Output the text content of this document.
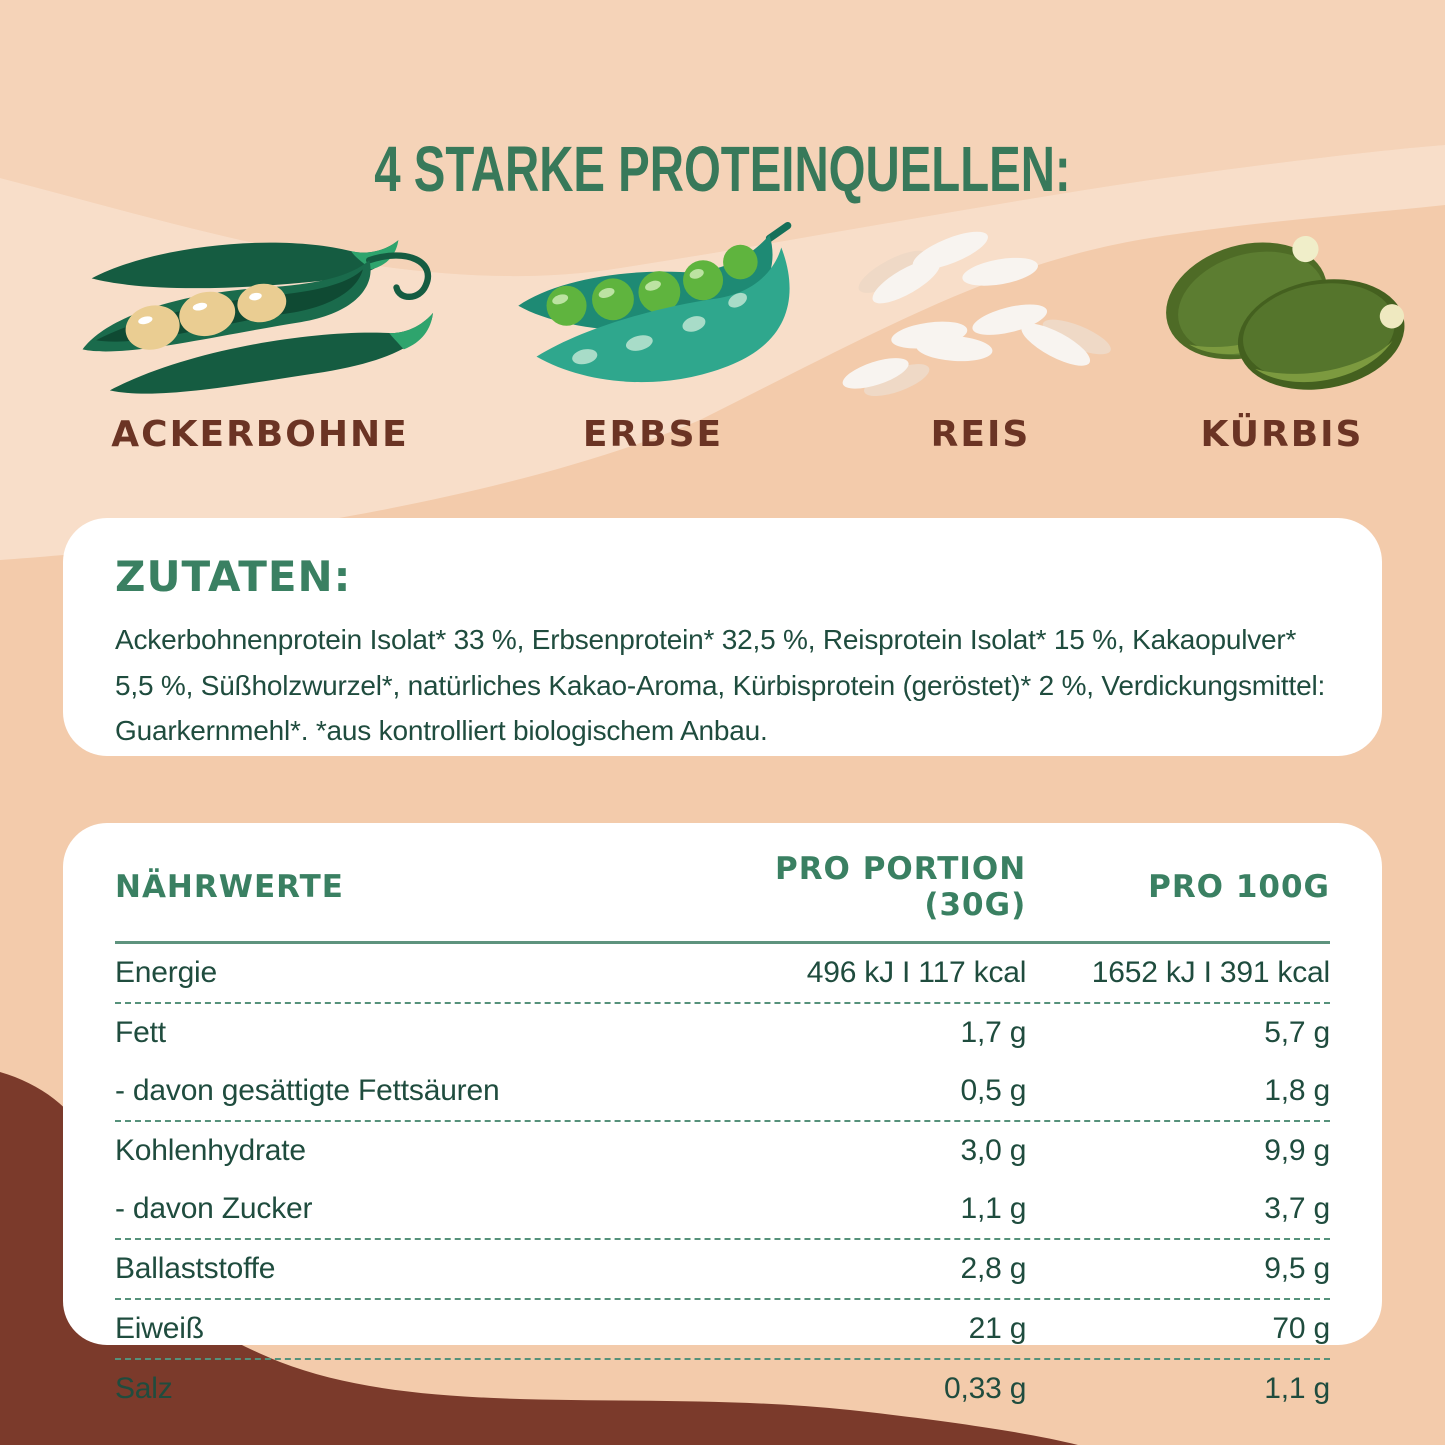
4 STARKE PROTEINQUELLEN:
ACKERBOHNE	ERBSE	REIS	KÜRBIS
ZUTATEN:

Ackerbohnenprotein Isolat* 33 %, Erbsenprotein* 32,5 %, Reisprotein Isolat* 15 %, Kakaopulver* 5,5 %, Süßholzwurzel*, natürliches Kakao-Aroma, Kürbisprotein (geröstet)* 2 %, Verdickungsmittel: Guarkernmehl*. *aus kontrolliert biologischem Anbau.

NÄHRWERTE	PRO PORTION (30G)	PRO 100G
Energie	496 kJ I 117 kcal	1652 kJ I 391 kcal
Fett	1,7 g	5,7 g
- davon gesättigte Fettsäuren	0,5 g	1,8 g
Kohlenhydrate	3,0 g	9,9 g
- davon Zucker	1,1 g	3,7 g
Ballaststoffe	2,8 g	9,5 g
Eiweiß	21 g	70 g
Salz	0,33 g	1,1 g
